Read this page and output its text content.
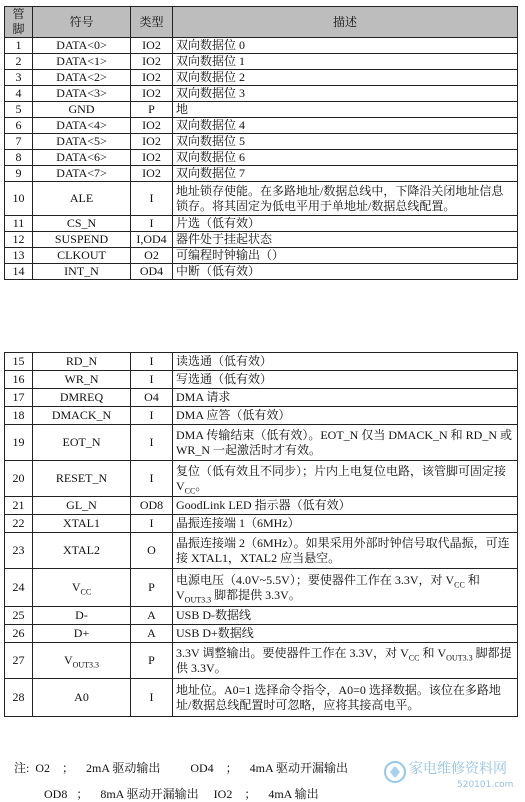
管脚	符号	类型	描述
1	DATA<0>	IO2	双向数据位 0
2	DATA<1>	IO2	双向数据位 1
3	DATA<2>	IO2	双向数据位 2
4	DATA<3>	IO2	双向数据位 3
5	GND	P	地
6	DATA<4>	IO2	双向数据位 4
7	DATA<5>	IO2	双向数据位 5
8	DATA<6>	IO2	双向数据位 6
9	DATA<7>	IO2	双向数据位 7
10	ALE	I	地址锁存使能。在多路地址/数据总线中，下降沿关闭地址信息锁存。将其固定为低电平用于单地址/数据总线配置。
11	CS_N	I	片选（低有效）
12	SUSPEND	I,OD4	器件处于挂起状态
13	CLKOUT	O2	可编程时钟输出（）
14	INT_N	OD4	中断（低有效）
15	RD_N	I	读选通（低有效）
16	WR_N	I	写选通（低有效）
17	DMREQ	O4	DMA 请求
18	DMACK_N	I	DMA 应答（低有效）
19	EOT_N	I	DMA 传输结束（低有效）。EOT_N 仅当 DMACK_N 和 RD_N 或 WR_N 一起激活时才有效。
20	RESET_N	I	复位（低有效且不同步）；片内上电复位电路，该管脚可固定接 $V_{CC}$。
21	GL_N	OD8	GoodLink LED 指示器（低有效）
22	XTAL1	I	晶振连接端 1（6MHz）
23	XTAL2	O	晶振连接端 2（6MHz）。如果采用外部时钟信号取代晶振，可连接 XTAL1，XTAL2 应当悬空。
24	$V_{CC}$	P	电源电压（4.0V~5.5V）；要使器件工作在 3.3V，对 $V_{CC}$ 和 $V_{OUT3.3}$ 脚都提供 3.3V。
25	D-	A	USB D-数据线
26	D+	A	USB D+数据线
27	$V_{OUT3.3}$	P	3.3V 调整输出。要使器件工作在 3.3V，对 $V_{CC}$ 和 $V_{OUT3.3}$ 脚都提供 3.3V。
28	A0	I	地址位。A0=1 选择命令指令，A0=0 选择数据。该位在多路地址/数据总线配置时可忽略，应将其接高电平。

注: O2    ；    2mA 驱动输出          OD4    ；    4mA 驱动开漏输出

OD8   ；    8mA 驱动开漏输出     IO2    ；    4mA 输出

家电维修资料网
520101.com
